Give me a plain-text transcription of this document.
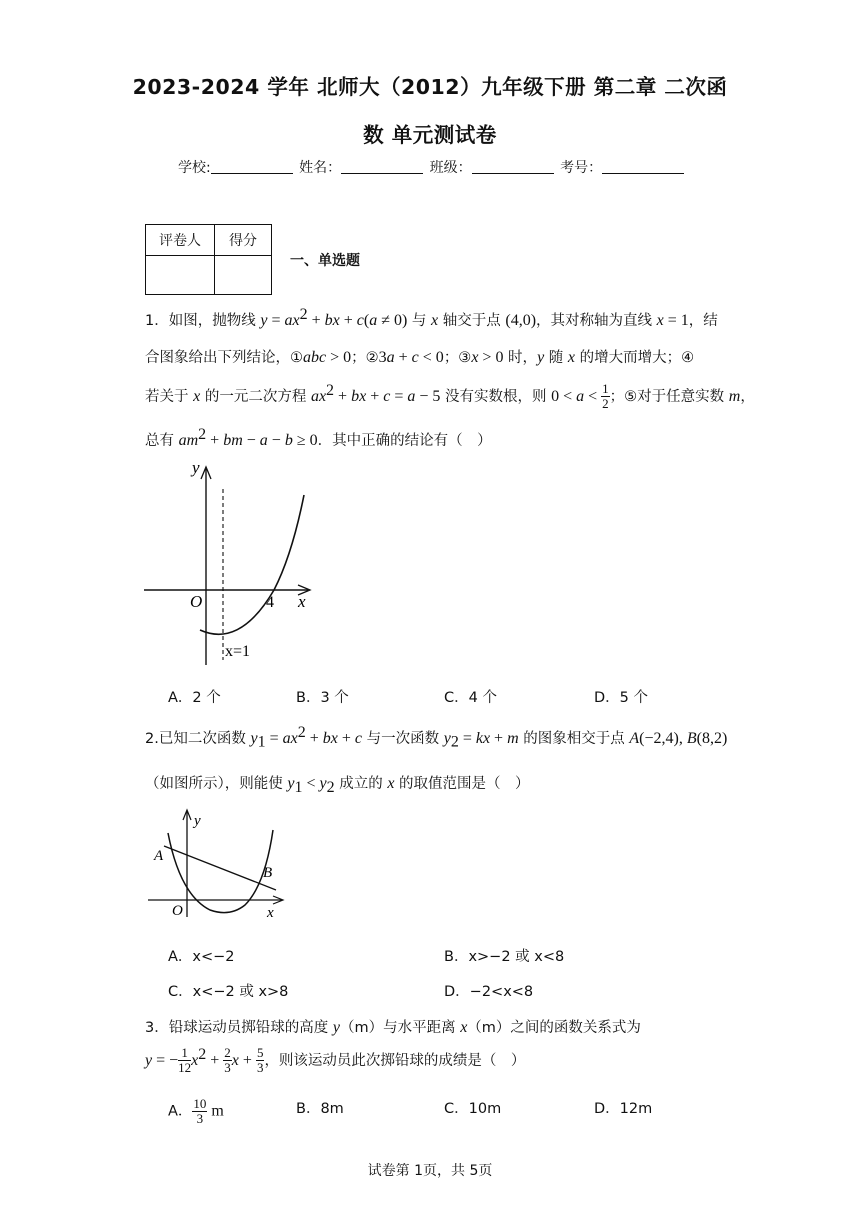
2023-2024 学年 北师大（2012）九年级下册 第二章 二次函
数 单元测试卷
学校:	姓名：	班级：	考号：
评卷人	得分

一、单选题
1．如图，抛物线 $y = ax^2$ + bx + c(a ≠ 0) 与 x 轴交于点 (4,0)，其对称轴为直线 x = 1，结
合图象给出下列结论，①abc > 0；②3a + c < 0；③x > 0 时，y 随 x 的增大而增大；④
若关于 x 的一元二次方程 $ax^2$ + bx + c = a − 5 没有实数根，则 $0 < a < \frac{1}{2}$ ；⑤对于任意实数 m，
总有 $am^2$ + bm − a − b ≥ 0．其中正确的结论有（　）
y
x
O	4
x=1
A．2 个	B．3 个	C．4 个	D．5 个
2.已知二次函数 $y_1 = ax^2$ + bx + c 与一次函数 $y_2$ = kx + m 的图象相交于点 A(−2,4), B(8,2)
（如图所示），则能使 $y_1 < y_2$ 成立的 x 的取值范围是（　）
A
B
y
x
O
A．x<−2	B．x>−2 或 x<8
C．x<−2 或 x>8	D．−2<x<8
3．铅球运动员掷铅球的高度 y（m）与水平距离 x（m）之间的函数关系式为
y = − $\frac{1}{12} x^2 + \frac{2}{3}$ $x + \frac{5}{3}$ ，则该运动员此次掷铅球的成绩是（　）
A． $\frac{10}{3}$ m	B．8m	C．10m	D．12m
试卷第 1页，共 5页
